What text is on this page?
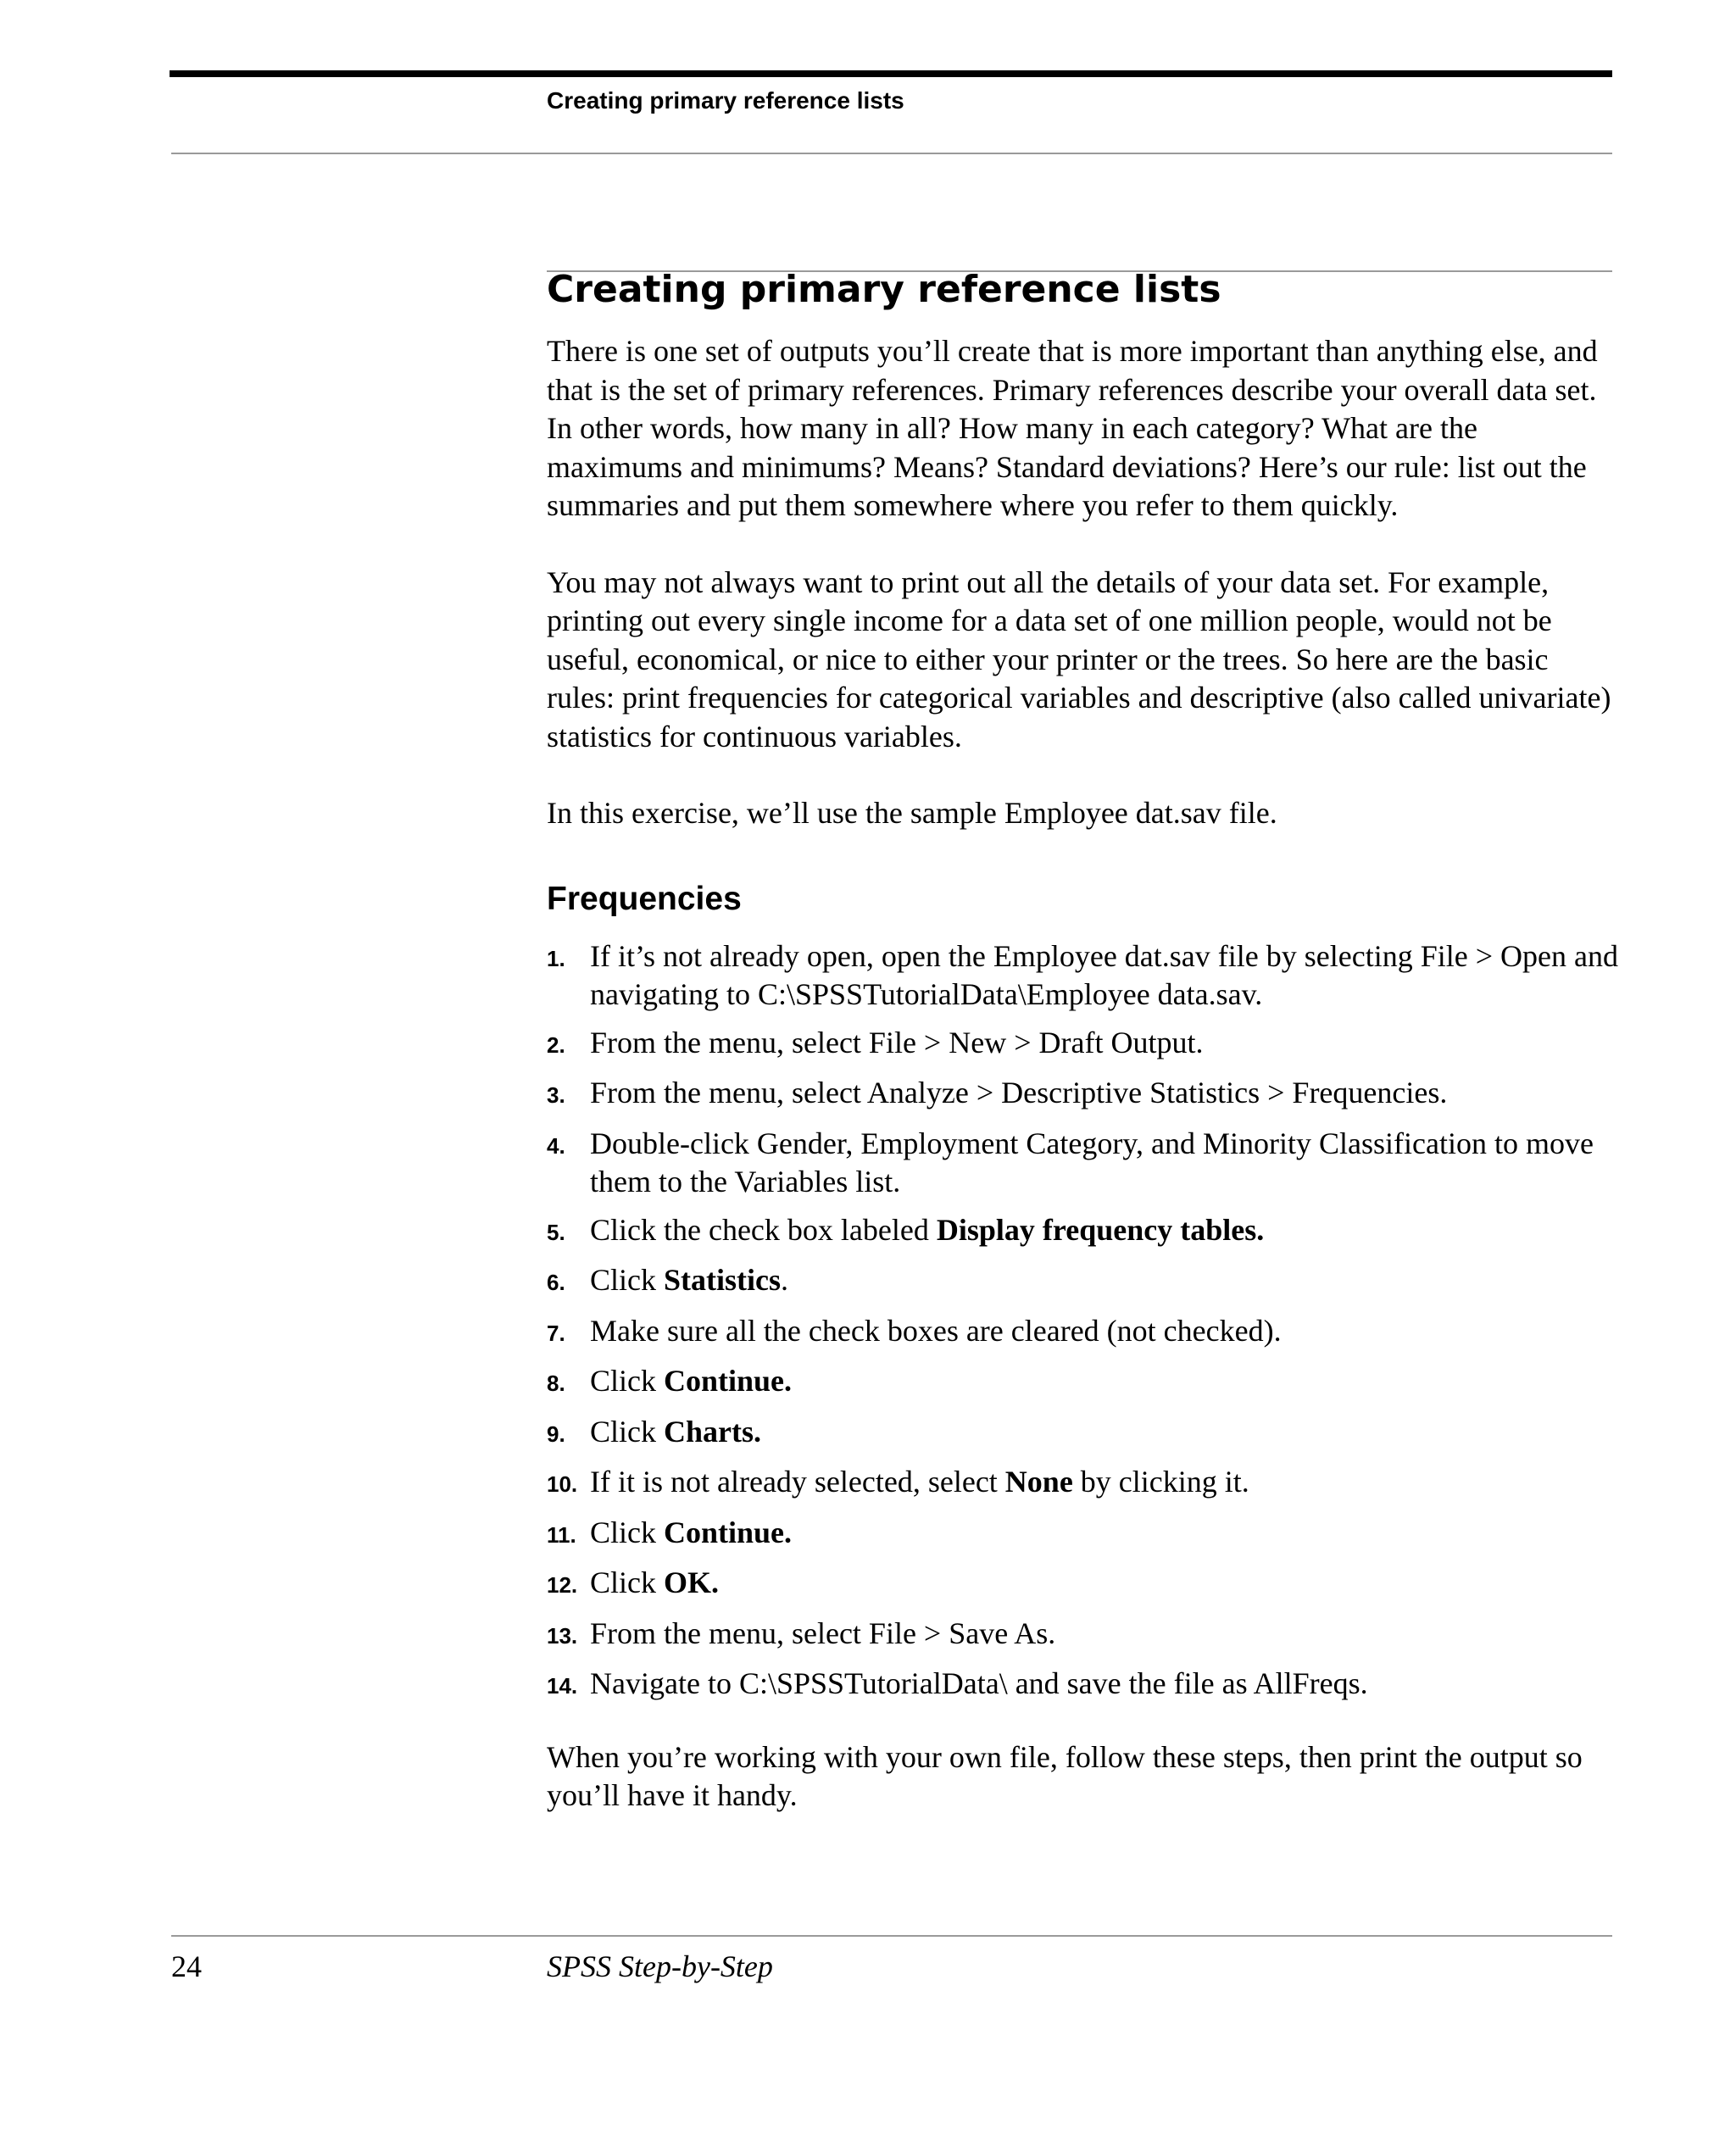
Creating primary reference lists
Creating primary reference lists

There is one set of outputs you’ll create that is more important than anything else, and that is the set of primary references. Primary references describe your overall data set. In other words, how many in all? How many in each category? What are the maximums and minimums? Means? Standard deviations? Here’s our rule: list out the summaries and put them somewhere where you refer to them quickly.

You may not always want to print out all the details of your data set. For example, printing out every single income for a data set of one million people, would not be useful, economical, or nice to either your printer or the trees. So here are the basic rules: print frequencies for categorical variables and descriptive (also called univariate) statistics for continuous variables.

In this exercise, we’ll use the sample Employee dat.sav file.

Frequencies
1. If it’s not already open, open the Employee dat.sav file by selecting File > Open and navigating to C:\SPSSTutorialData\Employee data.sav.
2. From the menu, select File > New > Draft Output.
3. From the menu, select Analyze > Descriptive Statistics > Frequencies.
4. Double-click Gender, Employment Category, and Minority Classification to move them to the Variables list.
5. Click the check box labeled Display frequency tables.
6. Click Statistics.
7. Make sure all the check boxes are cleared (not checked).
8. Click Continue.
9. Click Charts.
10. If it is not already selected, select None by clicking it.
11. Click Continue.
12. Click OK.
13. From the menu, select File > Save As.
14. Navigate to C:\SPSSTutorialData\ and save the file as AllFreqs.

When you’re working with your own file, follow these steps, then print the output so you’ll have it handy.

24	SPSS Step-by-Step
